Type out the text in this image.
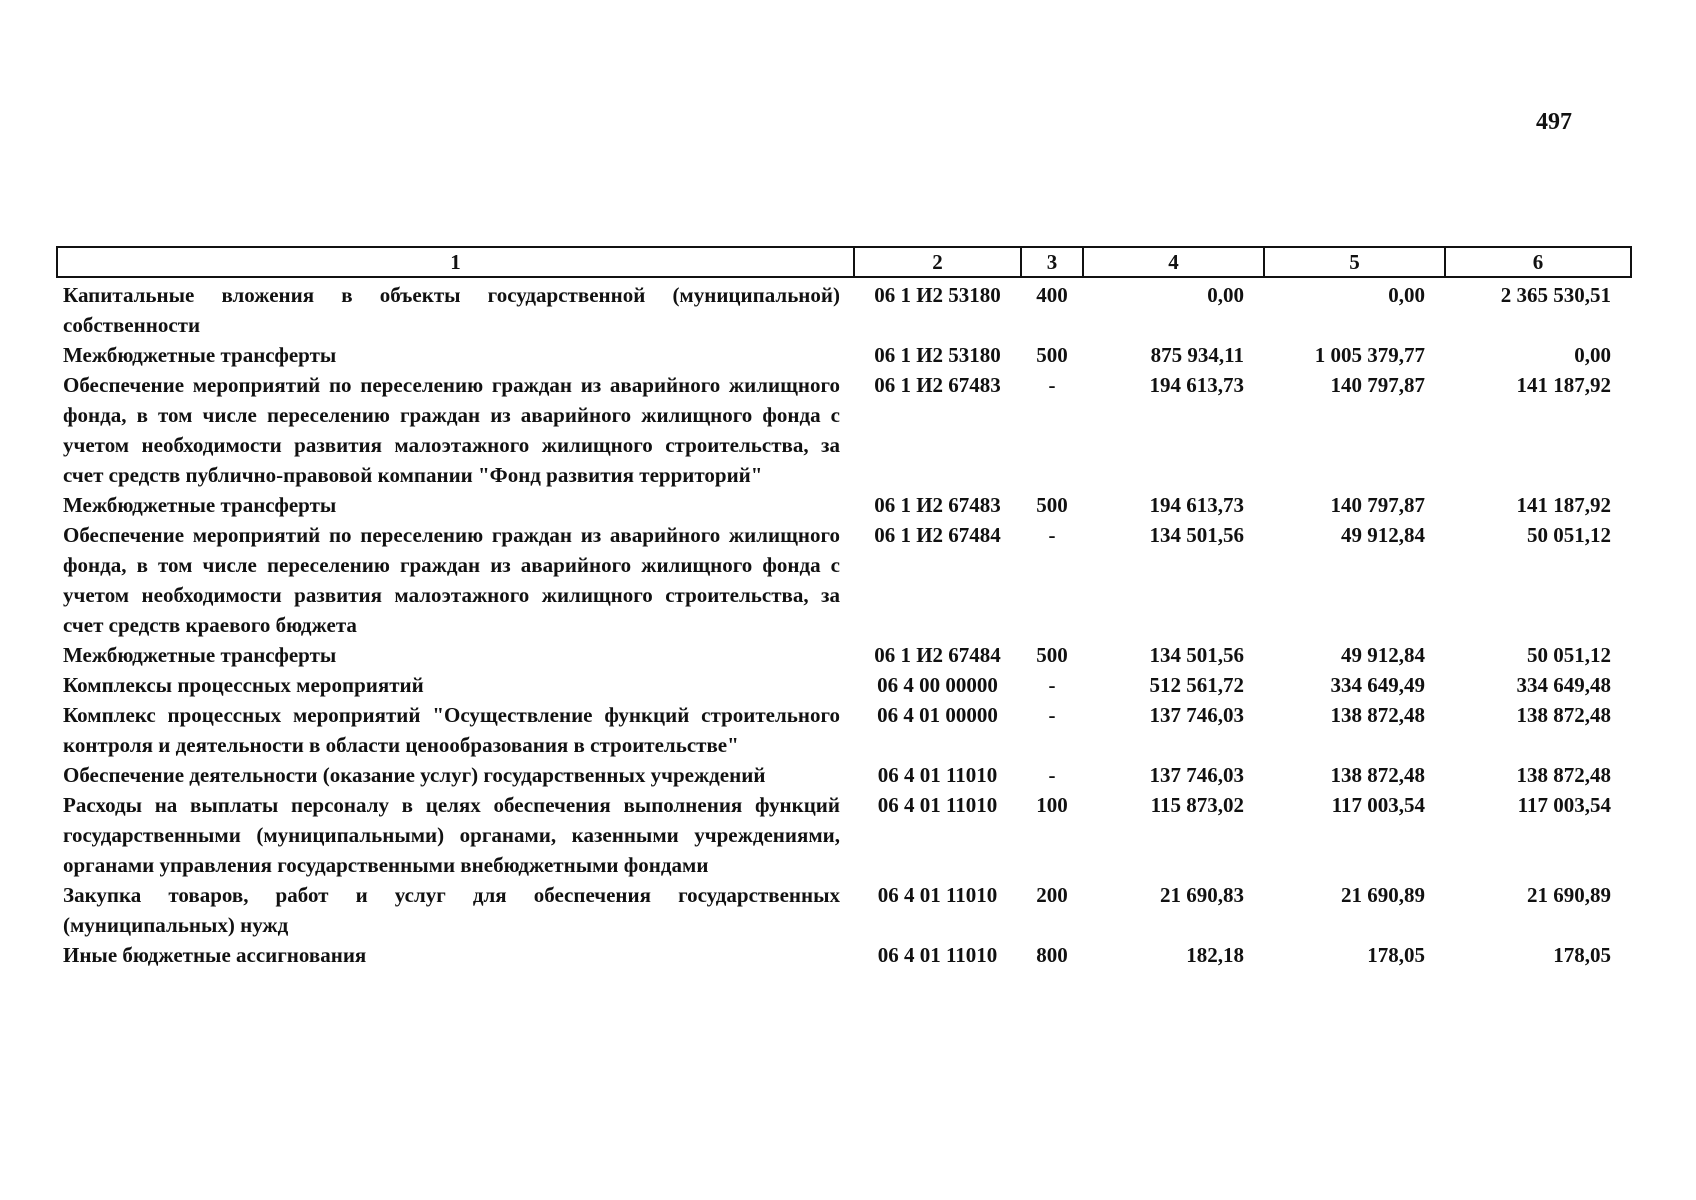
497
1	2	3	4	5	6
Капитальные вложения в объекты государственной (муниципальной) собственности	06 1 И2 53180	400	0,00	0,00	2 365 530,51
Межбюджетные трансферты	06 1 И2 53180	500	875 934,11	1 005 379,77	0,00
Обеспечение мероприятий по переселению граждан из аварийного жилищного фонда, в том числе переселению граждан из аварийного жилищного фонда с учетом необходимости развития малоэтажного жилищного строительства, за счет средств публично-правовой компании "Фонд развития территорий"	06 1 И2 67483	-	194 613,73	140 797,87	141 187,92
Межбюджетные трансферты	06 1 И2 67483	500	194 613,73	140 797,87	141 187,92
Обеспечение мероприятий по переселению граждан из аварийного жилищного фонда, в том числе переселению граждан из аварийного жилищного фонда с учетом необходимости развития малоэтажного жилищного строительства, за счет средств краевого бюджета	06 1 И2 67484	-	134 501,56	49 912,84	50 051,12
Межбюджетные трансферты	06 1 И2 67484	500	134 501,56	49 912,84	50 051,12
Комплексы процессных мероприятий	06 4 00 00000	-	512 561,72	334 649,49	334 649,48
Комплекс процессных мероприятий "Осуществление функций строительного контроля и деятельности в области ценообразования в строительстве"	06 4 01 00000	-	137 746,03	138 872,48	138 872,48
Обеспечение деятельности (оказание услуг) государственных учреждений	06 4 01 11010	-	137 746,03	138 872,48	138 872,48
Расходы на выплаты персоналу в целях обеспечения выполнения функций государственными (муниципальными) органами, казенными учреждениями, органами управления государственными внебюджетными фондами	06 4 01 11010	100	115 873,02	117 003,54	117 003,54
Закупка товаров, работ и услуг для обеспечения государственных (муниципальных) нужд	06 4 01 11010	200	21 690,83	21 690,89	21 690,89
Иные бюджетные ассигнования	06 4 01 11010	800	182,18	178,05	178,05
